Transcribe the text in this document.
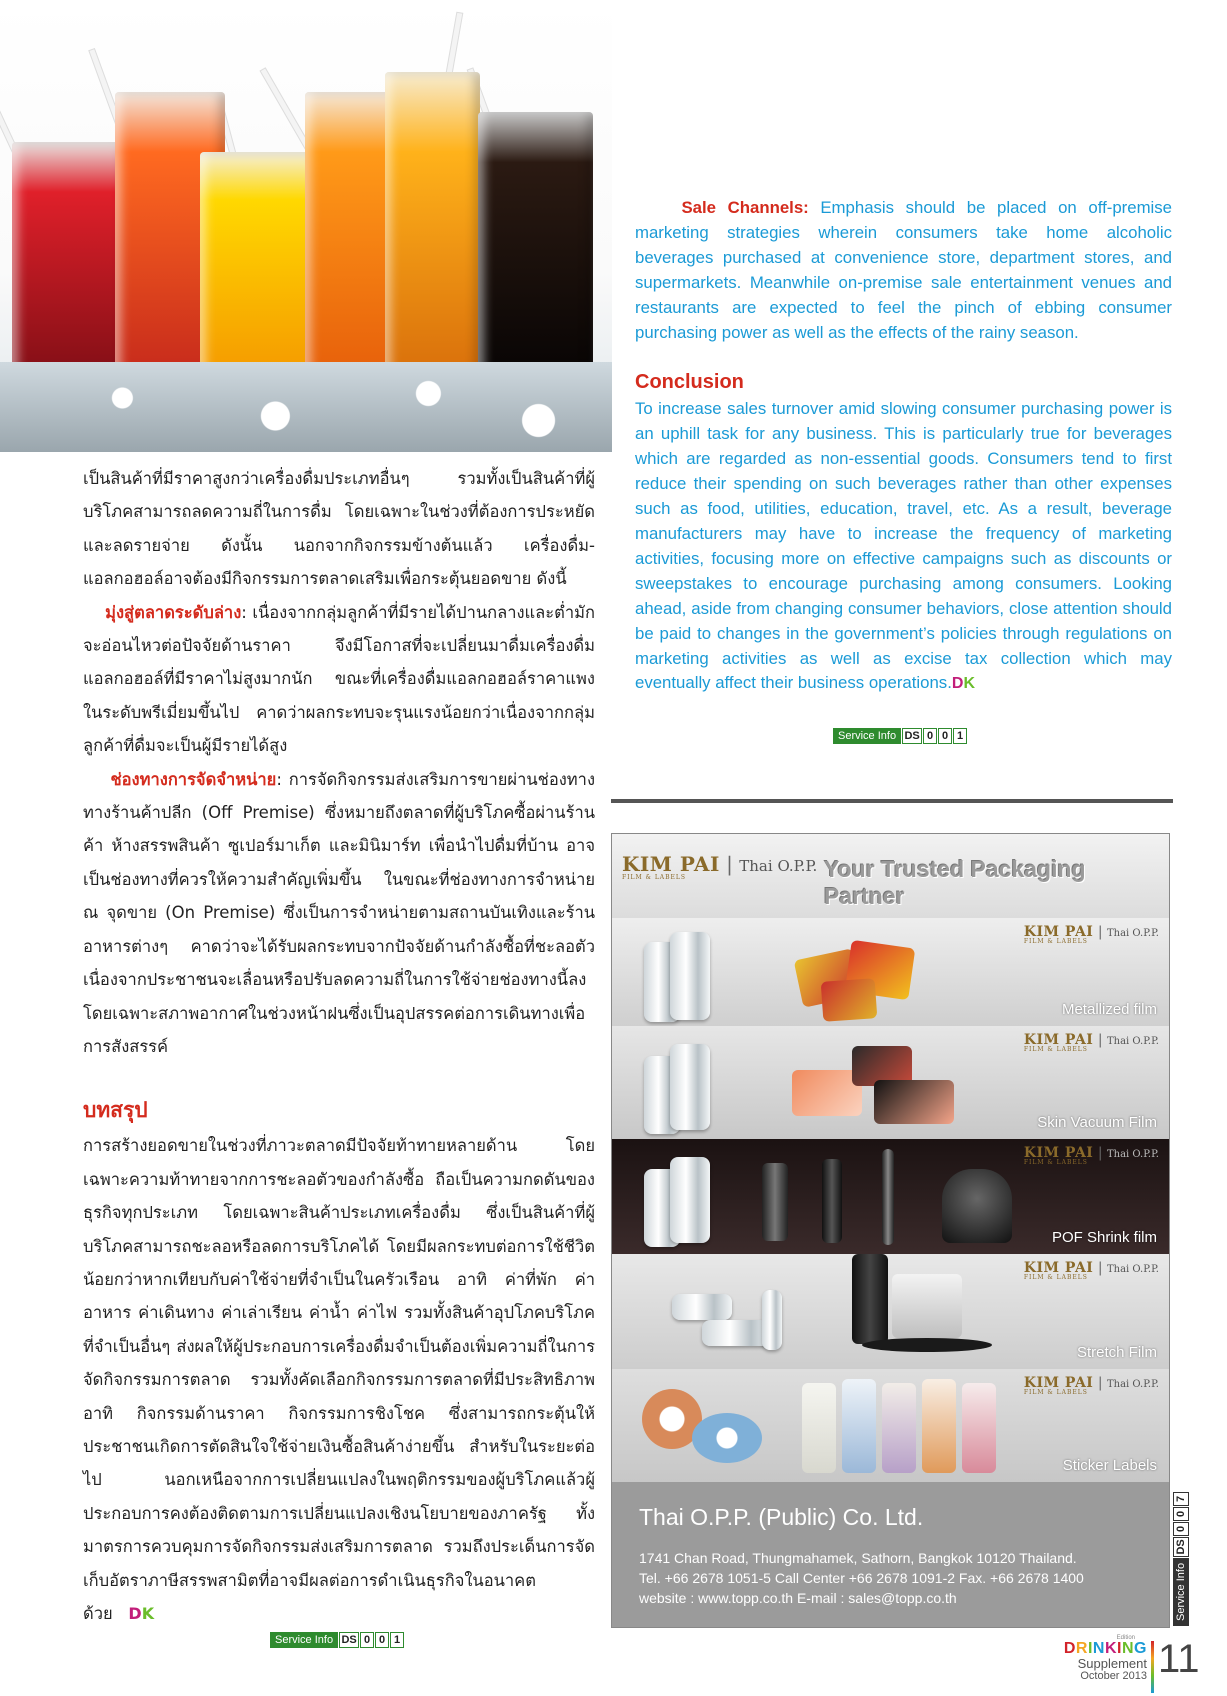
เป็นสินค้าที่มีราคาสูงกว่าเครื่องดื่มประเภทอื่นๆ รวมทั้งเป็นสินค้าที่ผู้บริโภคสามารถลดความถี่ในการดื่ม โดยเฉพาะในช่วงที่ต้องการประหยัดและลดรายจ่าย ดังนั้น นอกจากกิจกรรมข้างต้นแล้ว เครื่องดื่ม-แอลกอฮอล์อาจต้องมีกิจกรรมการตลาดเสริมเพื่อกระตุ้นยอดขาย ดังนี้

มุ่งสู่ตลาดระดับล่าง: เนื่องจากกลุ่มลูกค้าที่มีรายได้ปานกลางและต่ำมักจะอ่อนไหวต่อปัจจัยด้านราคา จึงมีโอกาสที่จะเปลี่ยนมาดื่มเครื่องดื่มแอลกอฮอล์ที่มีราคาไม่สูงมากนัก ขณะที่เครื่องดื่มแอลกอฮอล์ราคาแพงในระดับพรีเมี่ยมขึ้นไป คาดว่าผลกระทบจะรุนแรงน้อยกว่าเนื่องจากกลุ่มลูกค้าที่ดื่มจะเป็นผู้มีรายได้สูง

ช่องทางการจัดจำหน่าย: การจัดกิจกรรมส่งเสริมการขายผ่านช่องทางทางร้านค้าปลีก (Off Premise) ซึ่งหมายถึงตลาดที่ผู้บริโภคซื้อผ่านร้านค้า ห้างสรรพสินค้า ซูเปอร์มาเก็ต และมินิมาร์ท เพื่อนำไปดื่มที่บ้าน อาจเป็นช่องทางที่ควรให้ความสำคัญเพิ่มขึ้น ในขณะที่ช่องทางการจำหน่าย ณ จุดขาย (On Premise) ซึ่งเป็นการจำหน่ายตามสถานบันเทิงและร้านอาหารต่างๆ คาดว่าจะได้รับผลกระทบจากปัจจัยด้านกำลังซื้อที่ชะลอตัว เนื่องจากประชาชนจะเลื่อนหรือปรับลดความถี่ในการใช้จ่ายช่องทางนี้ลง โดยเฉพาะสภาพอากาศในช่วงหน้าฝนซึ่งเป็นอุปสรรคต่อการเดินทางเพื่อการสังสรรค์

บทสรุป

การสร้างยอดขายในช่วงที่ภาวะตลาดมีปัจจัยท้าทายหลายด้าน โดยเฉพาะความท้าทายจากการชะลอตัวของกำลังซื้อ ถือเป็นความกดดันของธุรกิจทุกประเภท โดยเฉพาะสินค้าประเภทเครื่องดื่ม ซึ่งเป็นสินค้าที่ผู้บริโภคสามารถชะลอหรือลดการบริโภคได้ โดยมีผลกระทบต่อการใช้ชีวิตน้อยกว่าหากเทียบกับค่าใช้จ่ายที่จำเป็นในครัวเรือน อาทิ ค่าที่พัก ค่าอาหาร ค่าเดินทาง ค่าเล่าเรียน ค่าน้ำ ค่าไฟ รวมทั้งสินค้าอุปโภคบริโภคที่จำเป็นอื่นๆ ส่งผลให้ผู้ประกอบการเครื่องดื่มจำเป็นต้องเพิ่มความถี่ในการจัดกิจกรรมการตลาด รวมทั้งคัดเลือกกิจกรรมการตลาดที่มีประสิทธิภาพ อาทิ กิจกรรมด้านราคา กิจกรรมการชิงโชค ซึ่งสามารถกระตุ้นให้ประชาชนเกิดการตัดสินใจใช้จ่ายเงินซื้อสินค้าง่ายขึ้น สำหรับในระยะต่อไป นอกเหนือจากการเปลี่ยนแปลงในพฤติกรรมของผู้บริโภคแล้วผู้ประกอบการคงต้องติดตามการเปลี่ยนแปลงเชิงนโยบายของภาครัฐ ทั้งมาตรการควบคุมการจัดกิจกรรมส่งเสริมการตลาด รวมถึงประเด็นการจัดเก็บอัตราภาษีสรรพสามิตที่อาจมีผลต่อการดำเนินธุรกิจในอนาคตด้วย DK

Service Info DS 0 0 1

Sale Channels: Emphasis should be placed on off-premise marketing strategies wherein consumers take home alcoholic beverages purchased at convenience store, department stores, and supermarkets. Meanwhile on-premise sale entertainment venues and restaurants are expected to feel the pinch of ebbing consumer purchasing power as well as the effects of the rainy season.

Conclusion

To increase sales turnover amid slowing consumer purchasing power is an uphill task for any business. This is particularly true for beverages which are regarded as non-essential goods. Consumers tend to first reduce their spending on such beverages rather than other expenses such as food, utilities, education, travel, etc. As a result, beverage manufacturers may have to increase the frequency of marketing activities, focusing more on effective campaigns such as discounts or sweepstakes to encourage purchasing among consumers. Looking ahead, aside from changing consumer behaviors, close attention should be paid to changes in the government’s policies through regulations on marketing activities as well as excise tax collection which may eventually affect their business operations.DK

Service Info DS 0 0 1
KIM PAI | Thai O.P.P.
FILM & LABELS	Your Trusted Packaging Partner
KIM PAI | Thai O.P.P.
FILM & LABELS
Metallized film
KIM PAI | Thai O.P.P.
FILM & LABELS
Skin Vacuum Film
KIM PAI | Thai O.P.P.
FILM & LABELS
POF Shrink film
KIM PAI | Thai O.P.P.
FILM & LABELS
Stretch Film
KIM PAI | Thai O.P.P.
FILM & LABELS
Sticker Labels
Thai O.P.P. (Public) Co. Ltd.
1741 Chan Road, Thungmahamek, Sathorn, Bangkok 10120 Thailand.
Tel. +66 2678 1051-5 Call Center +66 2678 1091-2 Fax. +66 2678 1400
website : www.topp.co.th E-mail : sales@topp.co.th	Service Info
DS
0
0
7
Edition
DRINKING
Supplement
October 2013 11
